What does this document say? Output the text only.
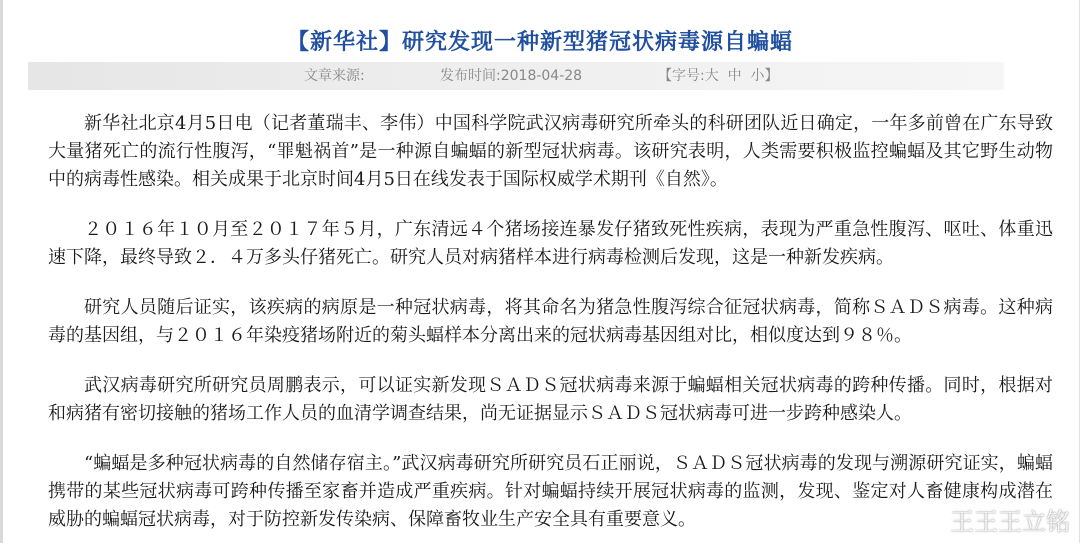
【新华社】研究发现一种新型猪冠状病毒源自蝙蝠
文章来源:	发布时间:2018-04-28	【字号:大 中 小】

新华社北京4月5日电（记者董瑞丰、李伟）中国科学院武汉病毒研究所牵头的科研团队近日确定，一年多前曾在广东导致大量猪死亡的流行性腹泻，“罪魁祸首”是一种源自蝙蝠的新型冠状病毒。该研究表明，人类需要积极监控蝙蝠及其它野生动物中的病毒性感染。相关成果于北京时间4月5日在线发表于国际权威学术期刊《自然》。

２０１６年１０月至２０１７年５月，广东清远４个猪场接连暴发仔猪致死性疾病，表现为严重急性腹泻、呕吐、体重迅速下降，最终导致２．４万多头仔猪死亡。研究人员对病猪样本进行病毒检测后发现，这是一种新发疾病。

研究人员随后证实，该疾病的病原是一种冠状病毒，将其命名为猪急性腹泻综合征冠状病毒，简称ＳＡＤＳ病毒。这种病毒的基因组，与２０１６年染疫猪场附近的菊头蝠样本分离出来的冠状病毒基因组对比，相似度达到９８％。

武汉病毒研究所研究员周鹏表示，可以证实新发现ＳＡＤＳ冠状病毒来源于蝙蝠相关冠状病毒的跨种传播。同时，根据对和病猪有密切接触的猪场工作人员的血清学调查结果，尚无证据显示ＳＡＤＳ冠状病毒可进一步跨种感染人。

“蝙蝠是多种冠状病毒的自然储存宿主。”武汉病毒研究所研究员石正丽说，ＳＡＤＳ冠状病毒的发现与溯源研究证实，蝙蝠携带的某些冠状病毒可跨种传播至家畜并造成严重疾病。针对蝙蝠持续开展冠状病毒的监测，发现、鉴定对人畜健康构成潜在威胁的蝙蝠冠状病毒，对于防控新发传染病、保障畜牧业生产安全具有重要意义。	王王王立铭
